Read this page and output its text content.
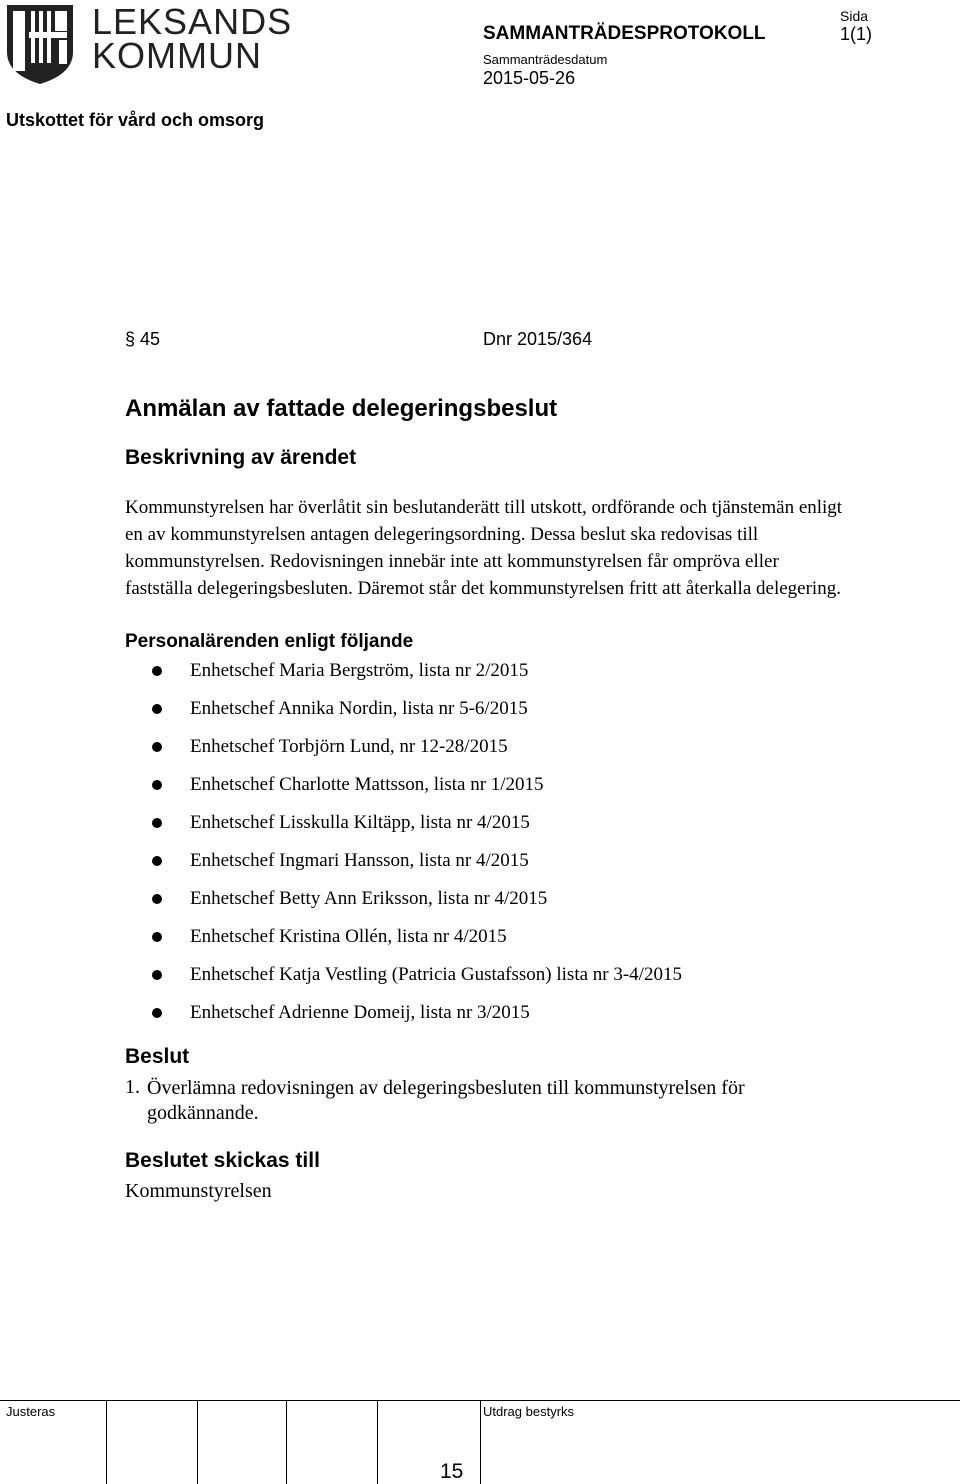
LEKSANDS
KOMMUN
SAMMANTRÄDESPROTOKOLL
Sammanträdesdatum
2015-05-26
Sida
1(1)
Utskottet för vård och omsorg
§ 45	Dnr 2015/364
Anmälan av fattade delegeringsbeslut
Beskrivning av ärendet

Kommunstyrelsen har överlåtit sin beslutanderätt till utskott, ordförande och tjänstemän enligt en av kommunstyrelsen antagen delegeringsordning. Dessa beslut ska redovisas till kommunstyrelsen. Redovisningen innebär inte att kommunstyrelsen får ompröva eller fastställa delegeringsbesluten. Däremot står det kommunstyrelsen fritt att återkalla delegering.

Personalärenden enligt följande
Enhetschef Maria Bergström, lista nr 2/2015
Enhetschef Annika Nordin, lista nr 5-6/2015
Enhetschef Torbjörn Lund, nr 12-28/2015
Enhetschef Charlotte Mattsson, lista nr 1/2015
Enhetschef Lisskulla Kiltäpp, lista nr 4/2015
Enhetschef Ingmari Hansson, lista nr 4/2015
Enhetschef Betty Ann Eriksson, lista nr 4/2015
Enhetschef Kristina Ollén, lista nr 4/2015
Enhetschef Katja Vestling (Patricia Gustafsson) lista nr 3-4/2015
Enhetschef Adrienne Domeij, lista nr 3/2015
Beslut
1. Överlämna redovisningen av delegeringsbesluten till kommunstyrelsen för godkännande.

Beslutet skickas till
Kommunstyrelsen
Justeras	Utdrag bestyrks
15
